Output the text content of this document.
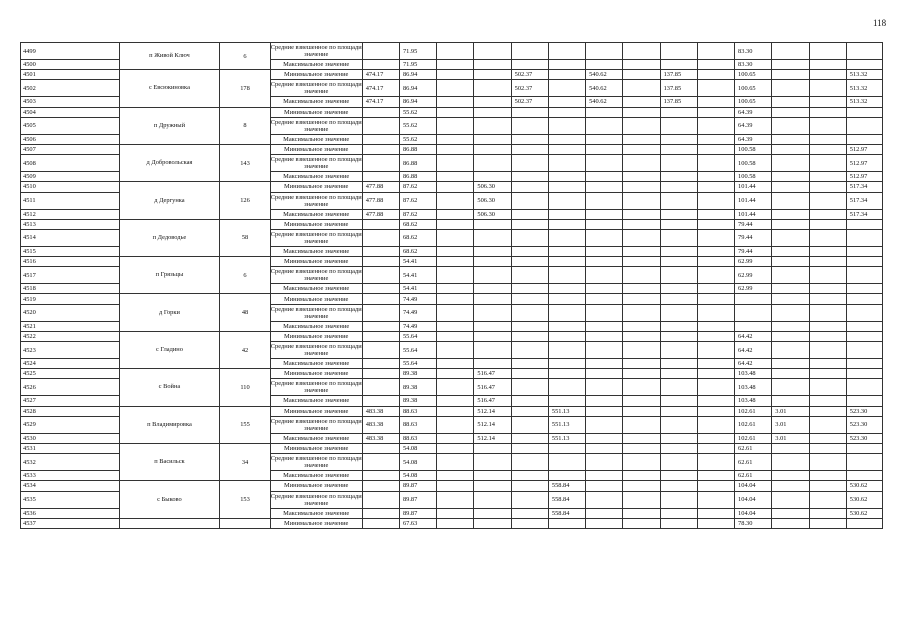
118
4499	п Живой Ключ	6	Средние взвешенное по площади значение		71.95									83.30			
4500			Максимальное значение		71.95									83.30			
4501	с Евсюкиновка	178	Минимальное значение	474.17	86.94			502.37		540.62		137.85		100.65			513.32
4502			Средние взвешенное по площади значение	474.17	86.94			502.37		540.62		137.85		100.65			513.32
4503			Максимальное значение	474.17	86.94			502.37		540.62		137.85		100.65			513.32
4504	п Дружный	8	Минимальное значение		55.62									64.39			
4505			Средние взвешенное по площади значение		55.62									64.39			
4506			Максимальное значение		55.62									64.39			
4507	д Добровольская	143	Минимальное значение		86.88									100.58			512.97
4508			Средние взвешенное по площади значение		86.88									100.58			512.97
4509			Максимальное значение		86.88									100.58			512.97
4510	д Дергунка	126	Минимальное значение	477.88	87.62		506.30							101.44			517.34
4511			Средние взвешенное по площади значение	477.88	87.62		506.30							101.44			517.34
4512			Максимальное значение	477.88	87.62		506.30							101.44			517.34
4513	п Дедоводье	58	Минимальное значение		68.62									79.44			
4514			Средние взвешенное по площади значение		68.62									79.44			
4515			Максимальное значение		68.62									79.44			
4516	п Грязьцы	6	Минимальное значение		54.41									62.99			
4517			Средние взвешенное по площади значение		54.41									62.99			
4518			Максимальное значение		54.41									62.99			
4519	д Горки	48	Минимальное значение		74.49												
4520			Средние взвешенное по площади значение		74.49												
4521			Максимальное значение		74.49												
4522	с Гладино	42	Минимальное значение		55.64									64.42			
4523			Средние взвешенное по площади значение		55.64									64.42			
4524			Максимальное значение		55.64									64.42			
4525	с Война	110	Минимальное значение		89.38		516.47							103.48			
4526			Средние взвешенное по площади значение		89.38		516.47							103.48			
4527			Максимальное значение		89.38		516.47							103.48			
4528	п Владимировка	155	Минимальное значение	483.38	88.63		512.14		551.13					102.61	3.01		523.30
4529			Средние взвешенное по площади значение	483.38	88.63		512.14		551.13					102.61	3.01		523.30
4530			Максимальное значение	483.38	88.63		512.14		551.13					102.61	3.01		523.30
4531	п Васильск	34	Минимальное значение		54.08									62.61			
4532			Средние взвешенное по площади значение		54.08									62.61			
4533			Максимальное значение		54.08									62.61			
4534	с Быково	153	Минимальное значение		89.87				558.84					104.04			530.62
4535			Средние взвешенное по площади значение		89.87				558.84					104.04			530.62
4536			Максимальное значение		89.87				558.84					104.04			530.62
4537			Минимальное значение		67.63									78.30			
